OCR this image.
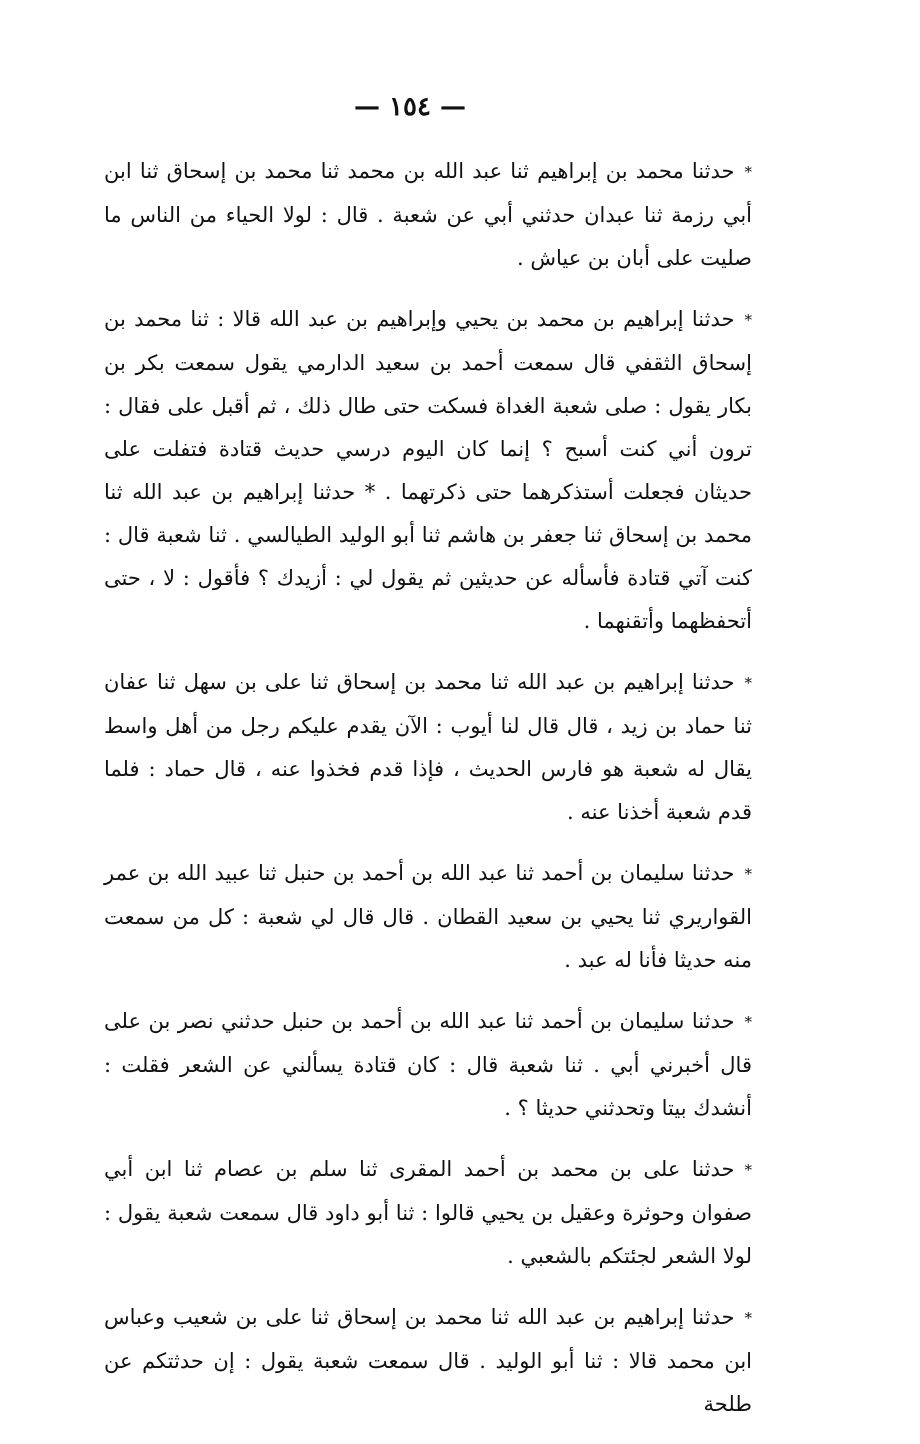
— ١٥٤ —

*حدثنا محمد بن إبراهيم ثنا عبد الله بن محمد ثنا محمد بن إسحاق ثنا ابن أبي رزمة ثنا عبدان حدثني أبي عن شعبة . قال : لولا الحياء من الناس ما صليت على أبان بن عياش .

*حدثنا إبراهيم بن محمد بن يحيي وإبراهيم بن عبد الله قالا : ثنا محمد بن إسحاق الثقفي قال سمعت أحمد بن سعيد الدارمي يقول سمعت بكر بن بكار يقول : صلى شعبة الغداة فسكت حتى طال ذلك ، ثم أقبل على فقال : ترون أني كنت أسبح ؟ إنما كان اليوم درسي حديث قتادة فتفلت على حديثان فجعلت أستذكرهما حتى ذكرتهما . * حدثنا إبراهيم بن عبد الله ثنا محمد بن إسحاق ثنا جعفر بن هاشم ثنا أبو الوليد الطيالسي . ثنا شعبة قال : كنت آتي قتادة فأسأله عن حديثين ثم يقول لي : أزيدك ؟ فأقول : لا ، حتى أتحفظهما وأتقنهما .

*حدثنا إبراهيم بن عبد الله ثنا محمد بن إسحاق ثنا على بن سهل ثنا عفان ثنا حماد بن زيد ، قال قال لنا أيوب : الآن يقدم عليكم رجل من أهل واسط يقال له شعبة هو فارس الحديث ، فإذا قدم فخذوا عنه ، قال حماد : فلما قدم شعبة أخذنا عنه .

*حدثنا سليمان بن أحمد ثنا عبد الله بن أحمد بن حنبل ثنا عبيد الله بن عمر القواريري ثنا يحيي بن سعيد القطان . قال قال لي شعبة : كل من سمعت منه حديثا فأنا له عبد .

*حدثنا سليمان بن أحمد ثنا عبد الله بن أحمد بن حنبل حدثني نصر بن على قال أخبرني أبي . ثنا شعبة قال : كان قتادة يسألني عن الشعر فقلت : أنشدك بيتا وتحدثني حديثا ؟ .

*حدثنا على بن محمد بن أحمد المقرى ثنا سلم بن عصام ثنا ابن أبي صفوان وحوثرة وعقيل بن يحيي قالوا : ثنا أبو داود قال سمعت شعبة يقول : لولا الشعر لجئتكم بالشعبي .

*حدثنا إبراهيم بن عبد الله ثنا محمد بن إسحاق ثنا على بن شعيب وعباس ابن محمد قالا : ثنا أبو الوليد . قال سمعت شعبة يقول : إن حدثتكم عن طلحة
